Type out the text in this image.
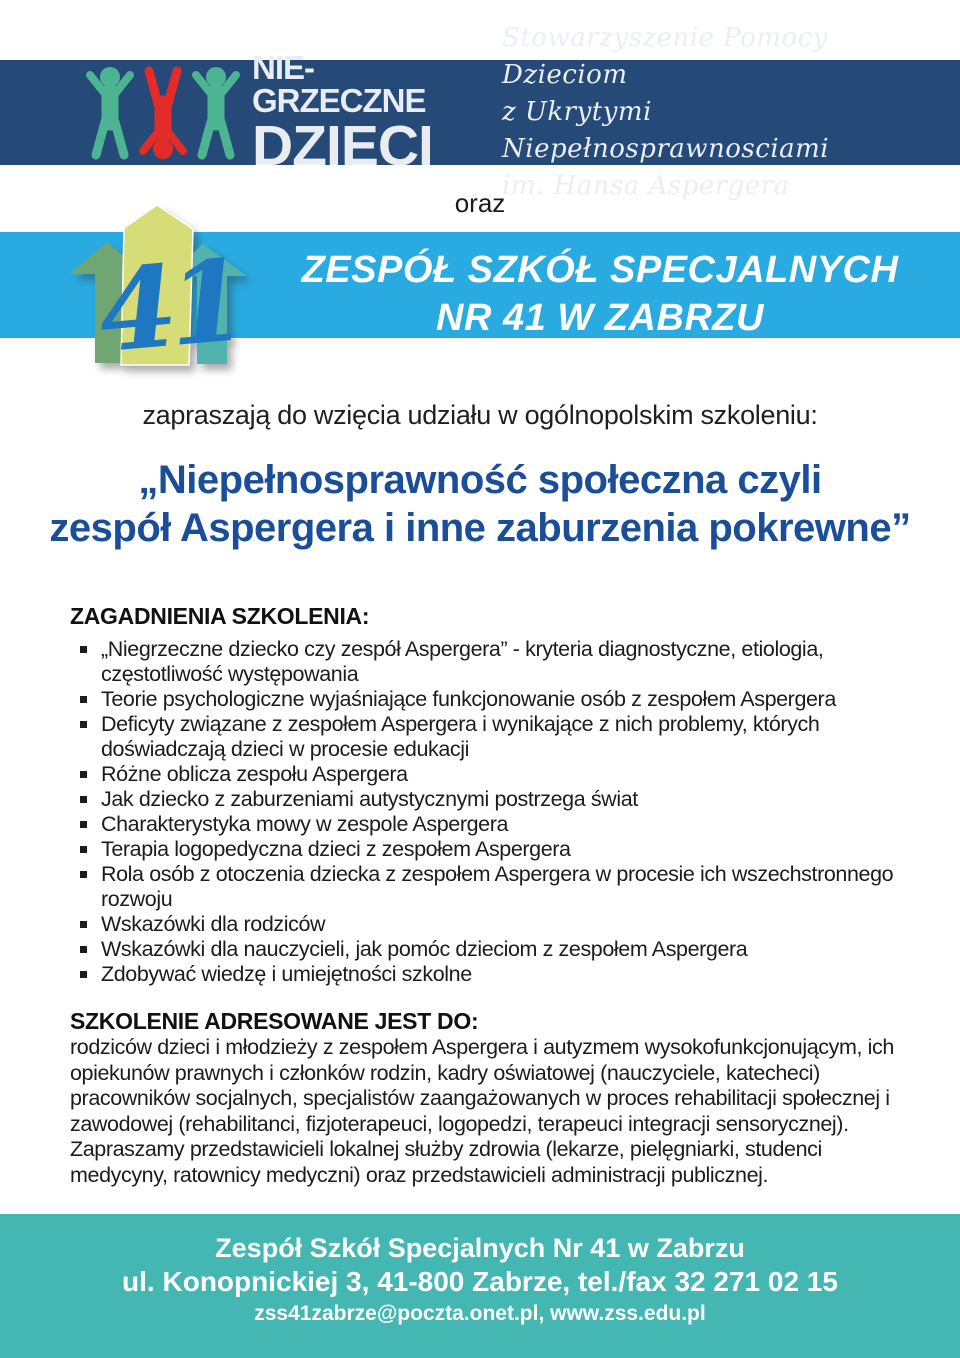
NIE-GRZECZNE
DZIECI
Stowarzyszenie Pomocy Dzieciom
z Ukrytymi Niepełnosprawnosciami
im. Hansa Aspergera
oraz
41	ZESPÓŁ SZKÓŁ SPECJALNYCH
NR 41 W ZABRZU
zapraszają do wzięcia udziału w ogólnopolskim szkoleniu:
„Niepełnosprawność społeczna czyli
zespół Aspergera i inne zaburzenia pokrewne”
ZAGADNIENIA SZKOLENIA:
„Niegrzeczne dziecko czy zespół Aspergera” - kryteria diagnostyczne, etiologia, częstotliwość występowania
Teorie psychologiczne wyjaśniające funkcjonowanie osób z zespołem Aspergera
Deficyty związane z zespołem Aspergera i wynikające z nich problemy, których doświadczają dzieci w procesie edukacji
Różne oblicza zespołu Aspergera
Jak dziecko z zaburzeniami autystycznymi postrzega świat
Charakterystyka mowy w zespole Aspergera
Terapia logopedyczna dzieci z zespołem Aspergera
Rola osób z otoczenia dziecka z zespołem Aspergera w procesie ich wszechstronnego rozwoju
Wskazówki dla rodziców
Wskazówki dla nauczycieli, jak pomóc dzieciom z zespołem Aspergera
Zdobywać wiedzę i umiejętności szkolne
SZKOLENIE ADRESOWANE JEST DO:

rodziców dzieci i młodzieży z zespołem Aspergera i autyzmem wysokofunkcjonującym, ich opiekunów prawnych i członków rodzin, kadry oświatowej (nauczyciele, katecheci) pracowników socjalnych, specjalistów zaangażowanych w proces rehabilitacji społecznej i zawodowej (rehabilitanci, fizjoterapeuci, logopedzi, terapeuci integracji sensorycznej).

Zapraszamy przedstawicieli lokalnej służby zdrowia (lekarze, pielęgniarki, studenci medycyny, ratownicy medyczni) oraz przedstawicieli administracji publicznej.

Zespół Szkół Specjalnych Nr 41 w Zabrzu
ul. Konopnickiej 3, 41-800 Zabrze, tel./fax 32 271 02 15
zss41zabrze@poczta.onet.pl, www.zss.edu.pl
